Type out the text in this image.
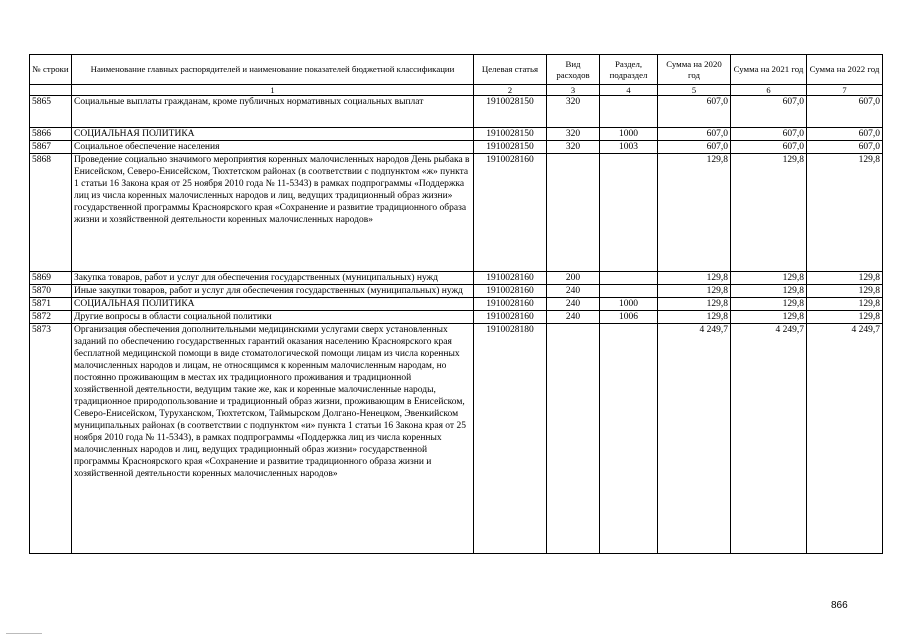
№ строки	Наименование главных распорядителей и наименование показателей бюджетной классификации	Целевая статья	Вид расходов	Раздел, подраздел	Сумма на 2020 год	Сумма на 2021 год	Сумма на 2022 год
	1	2	3	4	5	6	7
5865	Социальные выплаты гражданам, кроме публичных нормативных социальных выплат	1910028150	320		607,0	607,0	607,0
5866	СОЦИАЛЬНАЯ ПОЛИТИКА	1910028150	320	1000	607,0	607,0	607,0
5867	Социальное обеспечение населения	1910028150	320	1003	607,0	607,0	607,0
5868	Проведение социально значимого мероприятия коренных малочисленных народов День рыбака в Енисейском, Северо-Енисейском, Тюхтетском районах (в соответствии с подпунктом «ж» пункта 1 статьи 16 Закона края от 25 ноября 2010 года № 11-5343) в рамках подпрограммы «Поддержка лиц из числа коренных малочисленных народов и лиц, ведущих традиционный образ жизни» государственной программы Красноярского края «Сохранение и развитие традиционного образа жизни и хозяйственной деятельности коренных малочисленных народов»	1910028160			129,8	129,8	129,8
5869	Закупка товаров, работ и услуг для обеспечения государственных (муниципальных) нужд	1910028160	200		129,8	129,8	129,8
5870	Иные закупки товаров, работ и услуг для обеспечения государственных (муниципальных) нужд	1910028160	240		129,8	129,8	129,8
5871	СОЦИАЛЬНАЯ ПОЛИТИКА	1910028160	240	1000	129,8	129,8	129,8
5872	Другие вопросы в области социальной политики	1910028160	240	1006	129,8	129,8	129,8
5873	Организация обеспечения дополнительными медицинскими услугами сверх установленных заданий по обеспечению государственных гарантий оказания населению Красноярского края бесплатной медицинской помощи в виде стоматологической помощи лицам из числа коренных малочисленных народов и лицам, не относящимся к коренным малочисленным народам, но постоянно проживающим в местах их традиционного проживания и традиционной хозяйственной деятельности, ведущим такие же, как и коренные малочисленные народы, традиционное природопользование и традиционный образ жизни, проживающим в Енисейском, Северо-Енисейском, Туруханском, Тюхтетском, Таймырском Долгано-Ненецком, Эвенкийском муниципальных районах (в соответствии с подпунктом «и» пункта 1 статьи 16 Закона края от 25 ноября 2010 года № 11-5343), в рамках подпрограммы «Поддержка лиц из числа коренных малочисленных народов и лиц, ведущих традиционный образ жизни» государственной программы Красноярского края «Сохранение и развитие традиционного образа жизни и хозяйственной деятельности коренных малочисленных народов»	1910028180			4 249,7	4 249,7	4 249,7
866
